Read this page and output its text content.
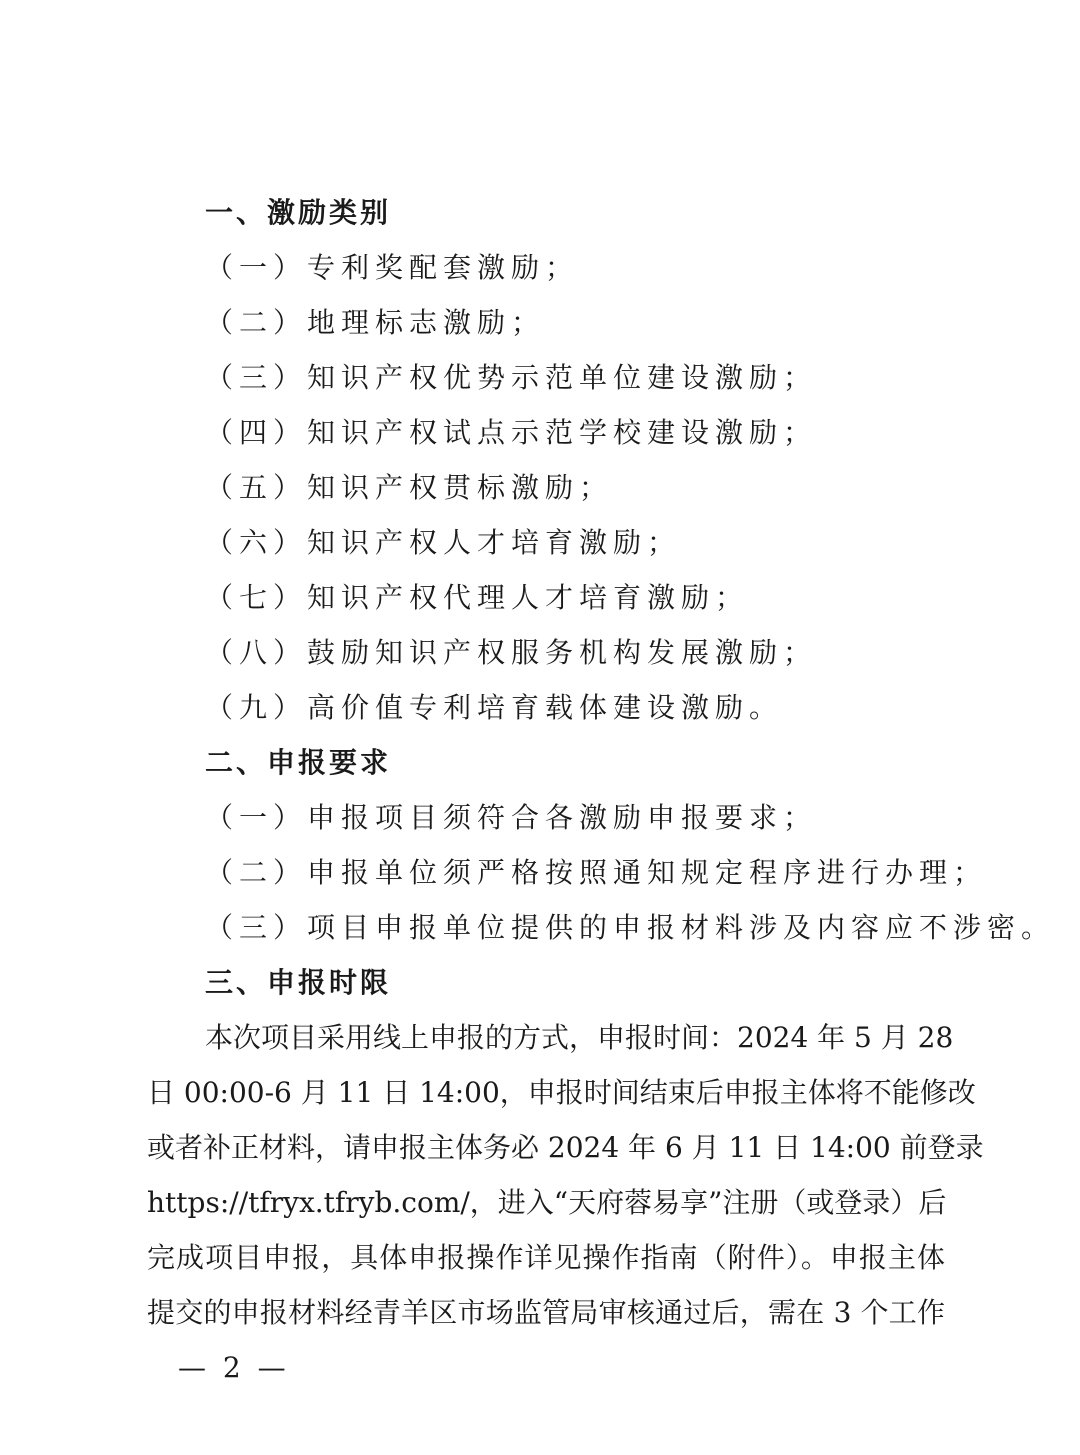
一、激励类别
（一）专利奖配套激励；
（二）地理标志激励；
（三）知识产权优势示范单位建设激励；
（四）知识产权试点示范学校建设激励；
（五）知识产权贯标激励；
（六）知识产权人才培育激励；
（七）知识产权代理人才培育激励；
（八）鼓励知识产权服务机构发展激励；
（九）高价值专利培育载体建设激励。
二、申报要求
（一）申报项目须符合各激励申报要求；
（二）申报单位须严格按照通知规定程序进行办理；
（三）项目申报单位提供的申报材料涉及内容应不涉密。
三、申报时限
本次项目采用线上申报的方式，申报时间：2024 年 5 月 28
日 00:00-6 月 11 日 14:00，申报时间结束后申报主体将不能修改
或者补正材料，请申报主体务必 2024 年 6 月 11 日 14:00 前登录
https://tfryx.tfryb.com/，进入“天府蓉易享”注册（或登录）后
完成项目申报，具体申报操作详见操作指南（附件）。申报主体
提交的申报材料经青羊区市场监管局审核通过后，需在 3 个工作
— 2 —
